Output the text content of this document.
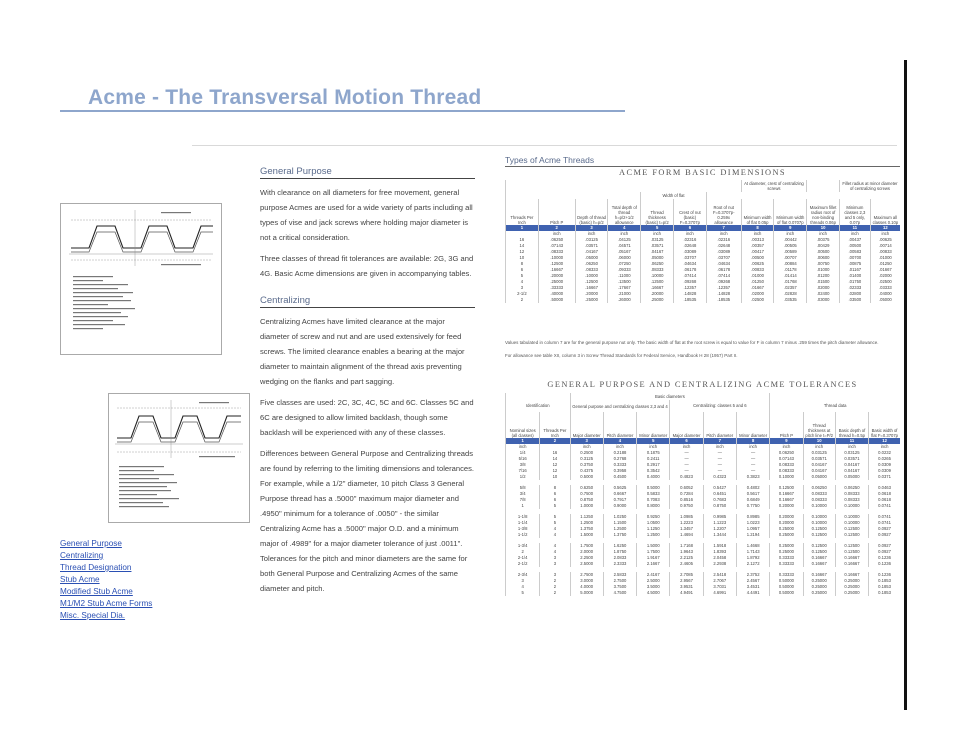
Acme - The Transversal Motion Thread
General Purpose

With clearance on all diameters for free movement, general purpose Acmes are used for a wide variety of parts including all types of vise and jack screws where holding major diameter is not a critical consideration.

Three classes of thread fit tolerances are available: 2G, 3G and 4G. Basic Acme dimensions are given in accompanying tables.

Centralizing

Centralizing Acmes have limited clearance at the major diameter of screw and nut and are used extensively for feed screws. The limited clearance enables a bearing at the major diameter to maintain alignment of the thread axis preventing wedging on the flanks and part sagging.

Five classes are used: 2C, 3C, 4C, 5C and 6C. Classes 5C and 6C are designed to allow limited backlash, though some backlash will be experienced with any of these classes.

Differences between General Purpose and Centralizing threads are found by referring to the limiting dimensions and tolerances. For example, while a 1/2" diameter, 10 pitch Class 3 General Purpose thread has a .5000" maximum major diameter and .4950" minimum for a tolerance of .0050" - the similar Centralizing Acme has a .5000" major O.D. and a minimum major of .4989" for a major diameter tolerance of just .0011". Tolerances for the pitch and minor diameters are the same for both General Purpose and Centralizing Acmes of the same diameter and pitch.

General Purpose
Centralizing
Thread Designation
Stub Acme
Modified Stub Acme
M1/M2 Stub Acme Forms
Misc. Special Dia.
Types of Acme Threads
ACME FORM BASIC DIMENSIONS
							At diameter, crest of centralizing screws			Fillet radius at minor diameter of centralizing screws	
				Width of flat							
Threads Per Inch	Pitch P	Depth of thread (basic) h=p/2	Total depth of thread h=p/2+1/2 allowance	Thread thickness (basic) t=p/2	Crest of nut (basic) F=0.3707p	Root of nut F=0.3707p-0.259x allowance	Minimum width of flat 0.05p	Minimum width of flat 0.0707p	Maximum fillet radius root of non-binding threads 0.06p	Minimum classes 2,3 and 5 only, 0.07p	Maximum all classes 0.10p
1	2	3	4	5	6	7	8	9	10	11	12
	inch	inch	inch	inch	inch	inch	inch	inch	inch	inch	inch
16	.06250	.03125	.04125	.03125	.02316	.02316	.00313	.00442	.00375	.00437	.00625
14	.07143	.03571	.04571	.03571	.02648	.02648	.00357	.00505	.00429	.00500	.00714
12	.08333	.04167	.05167	.04167	.03089	.03089	.00417	.00589	.00500	.00583	.00833
10	.10000	.05000	.06000	.05000	.03707	.03707	.00500	.00707	.00600	.00700	.01000
8	.12500	.06250	.07250	.06250	.04634	.04634	.00625	.00884	.00750	.00875	.01250
6	.16667	.08333	.09333	.08333	.06178	.06178	.00833	.01178	.01000	.01167	.01667
5	.20000	.10000	.11000	.10000	.07414	.07414	.01000	.01414	.01200	.01400	.02000
4	.25000	.12500	.13500	.12500	.09268	.09268	.01250	.01768	.01500	.01750	.02500
3	.33333	.16667	.17667	.16667	.12357	.12357	.01667	.02357	.02000	.02333	.03333
2-1/2	.40000	.20000	.21000	.20000	.14828	.14828	.02000	.02828	.02400	.02800	.04000
2	.50000	.25000	.26000	.25000	.18535	.18535	.02500	.03535	.03000	.03500	.05000
Values tabulated in column 7 are for the general purpose nut only. The basic width of flat at the root screw is equal to value for F in column 7 minus .259 times the pitch diameter allowance.
For allowance see table XII, column 3 in Screw Thread Standards for Federal Service, Handbook H 28 (1957) Part II.
GENERAL PURPOSE AND CENTRALIZING ACME TOLERANCES
		Basic diameters									
Identification		General purpose and centralizing classes 2,3 and 4			Centralizing: classes 5 and 6			Thread data			
Nominal sizes (all classes)	Threads Per Inch	Major diameter	Pitch diameter	Minor diameter	Major diameter	Pitch diameter	Minor diameter	Pitch P	Thread thickness at pitch line t=P/2	Basic depth of thread h=0.5p	Basic width of flat F=0.3707p
1	2	3	4	5	6	7	8	9	10	11	12
inch		inch	inch	inch	inch	inch	inch	inch	inch	inch	inch
1/4	16	0.2500	0.2188	0.1875	—	—	—	0.06250	0.03125	0.03125	0.0232
5/16	14	0.3125	0.2768	0.2411	—	—	—	0.07143	0.03571	0.03571	0.0265
3/8	12	0.3750	0.3333	0.2917	—	—	—	0.08333	0.04167	0.04167	0.0309
7/16	12	0.4375	0.3958	0.3542	—	—	—	0.08333	0.04167	0.04167	0.0309
1/2	10	0.5000	0.4500	0.4000	0.4823	0.4323	0.3823	0.10000	0.05000	0.05000	0.0371

5/8	8	0.6250	0.5625	0.5000	0.6052	0.5427	0.4802	0.12500	0.06250	0.06250	0.0463
3/4	6	0.7500	0.6667	0.5833	0.7284	0.6451	0.5617	0.16667	0.08333	0.08333	0.0618
7/8	6	0.8750	0.7917	0.7083	0.8516	0.7683	0.6849	0.16667	0.08333	0.08333	0.0618
1	5	1.0000	0.9000	0.8000	0.9750	0.8750	0.7750	0.20000	0.10000	0.10000	0.0741

1-1/8	5	1.1250	1.0250	0.9250	1.0985	0.9985	0.8985	0.20000	0.10000	0.10000	0.0741
1-1/4	5	1.2500	1.1500	1.0500	1.2223	1.1223	1.0223	0.20000	0.10000	0.10000	0.0741
1-3/8	4	1.3750	1.2500	1.1250	1.3457	1.2207	1.0957	0.25000	0.12500	0.12500	0.0927
1-1/2	4	1.5000	1.3750	1.2500	1.4694	1.3444	1.2194	0.25000	0.12500	0.12500	0.0927

1-3/4	4	1.7500	1.6250	1.5000	1.7168	1.5918	1.4668	0.25000	0.12500	0.12500	0.0927
2	4	2.0000	1.8750	1.7500	1.9643	1.8393	1.7143	0.25000	0.12500	0.12500	0.0927
2-1/4	3	2.2500	2.0833	1.9167	2.2125	2.0458	1.8792	0.33333	0.16667	0.16667	0.1236
2-1/2	3	2.5000	2.3333	2.1667	2.4605	2.2938	2.1272	0.33333	0.16667	0.16667	0.1236

2-3/4	3	2.7500	2.5833	2.4167	2.7085	2.5418	2.3752	0.33333	0.16667	0.16667	0.1236
3	2	3.0000	2.7500	2.5000	2.9567	2.7067	2.4567	0.50000	0.25000	0.25000	0.1853
4	2	4.0000	3.7500	3.5000	3.9531	3.7031	3.4531	0.50000	0.25000	0.25000	0.1853
5	2	5.0000	4.7500	4.5000	4.9491	4.6991	4.4491	0.50000	0.25000	0.25000	0.1853
